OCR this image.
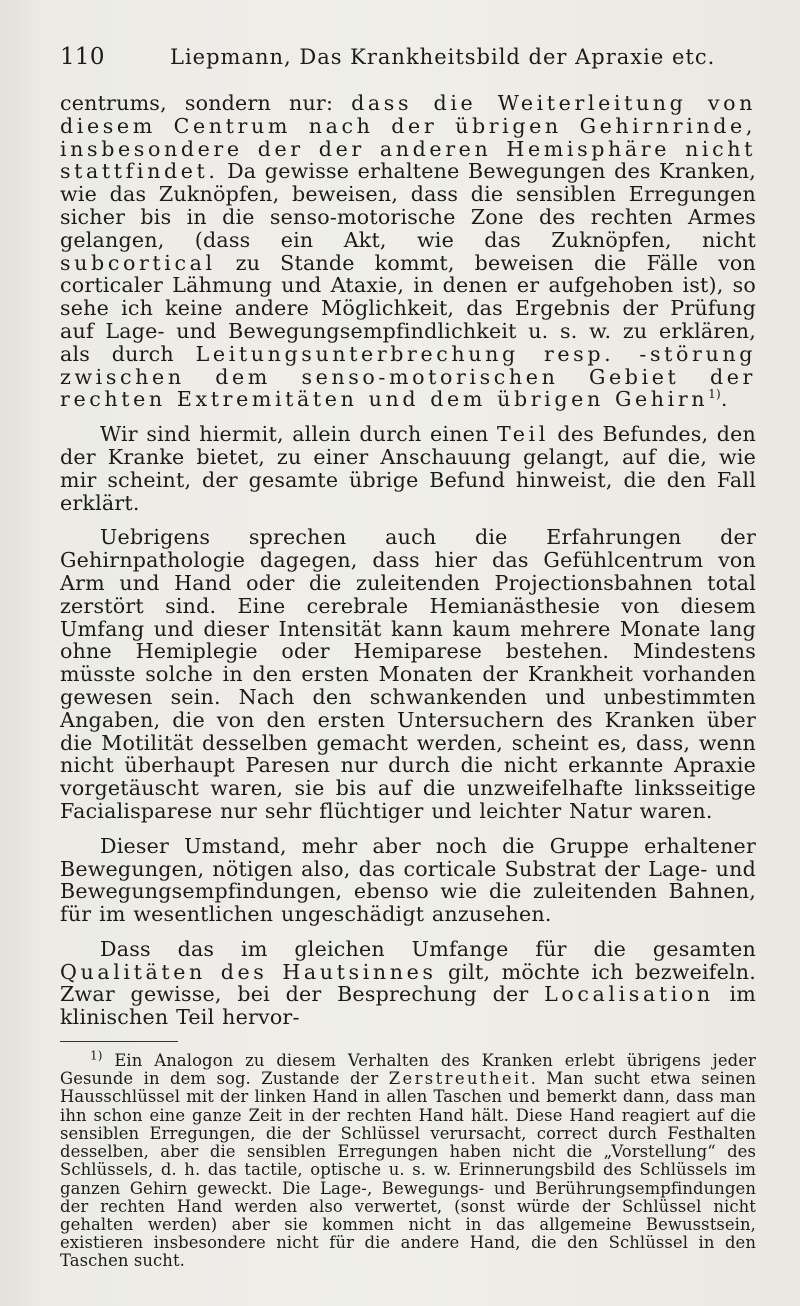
110	Liepmann, Das Krankheitsbild der Apraxie etc.

centrums, sondern nur: dass die Weiterleitung von diesem Centrum nach der übrigen Gehirnrinde, insbesondere der der anderen Hemisphäre nicht stattfindet. Da gewisse erhaltene Bewegungen des Kranken, wie das Zuknöpfen, beweisen, dass die sensiblen Erregungen sicher bis in die senso-motorische Zone des rechten Armes gelangen, (dass ein Akt, wie das Zuknöpfen, nicht subcortical zu Stande kommt, beweisen die Fälle von corticaler Lähmung und Ataxie, in denen er aufgehoben ist), so sehe ich keine andere Möglichkeit, das Ergebnis der Prüfung auf Lage- und Bewegungsempfindlichkeit u. s. w. zu erklären, als durch Leitungsunterbrechung resp. -störung zwischen dem senso-motorischen Gebiet der rechten Extremitäten und dem übrigen Gehirn$^{1)}$.

Wir sind hiermit, allein durch einen Teil des Befundes, den der Kranke bietet, zu einer Anschauung gelangt, auf die, wie mir scheint, der gesamte übrige Befund hinweist, die den Fall erklärt.

Uebrigens sprechen auch die Erfahrungen der Gehirnpathologie dagegen, dass hier das Gefühlcentrum von Arm und Hand oder die zuleitenden Projectionsbahnen total zerstört sind. Eine cerebrale Hemianästhesie von diesem Umfang und dieser Intensität kann kaum mehrere Monate lang ohne Hemiplegie oder Hemiparese bestehen. Mindestens müsste solche in den ersten Monaten der Krankheit vorhanden gewesen sein. Nach den schwankenden und unbestimmten Angaben, die von den ersten Untersuchern des Kranken über die Motilität desselben gemacht werden, scheint es, dass, wenn nicht überhaupt Paresen nur durch die nicht erkannte Apraxie vorgetäuscht waren, sie bis auf die unzweifelhafte linksseitige Facialisparese nur sehr flüchtiger und leichter Natur waren.

Dieser Umstand, mehr aber noch die Gruppe erhaltener Bewegungen, nötigen also, das corticale Substrat der Lage- und Bewegungsempfindungen, ebenso wie die zuleitenden Bahnen, für im wesentlichen ungeschädigt anzusehen.

Dass das im gleichen Umfange für die gesamten Qualitäten des Hautsinnes gilt, möchte ich bezweifeln. Zwar gewisse, bei der Besprechung der Localisation im klinischen Teil hervor-

$^{1)}$ Ein Analogon zu diesem Verhalten des Kranken erlebt übrigens jeder Gesunde in dem sog. Zustande der Zerstreutheit. Man sucht etwa seinen Hausschlüssel mit der linken Hand in allen Taschen und bemerkt dann, dass man ihn schon eine ganze Zeit in der rechten Hand hält. Diese Hand reagiert auf die sensiblen Erregungen, die der Schlüssel verursacht, correct durch Festhalten desselben, aber die sensiblen Erregungen haben nicht die „Vorstellung“ des Schlüssels, d. h. das tactile, optische u. s. w. Erinnerungsbild des Schlüssels im ganzen Gehirn geweckt. Die Lage-, Bewegungs- und Berührungsempfindungen der rechten Hand werden also verwertet, (sonst würde der Schlüssel nicht gehalten werden) aber sie kommen nicht in das allgemeine Bewusstsein, existieren insbesondere nicht für die andere Hand, die den Schlüssel in den Taschen sucht.
